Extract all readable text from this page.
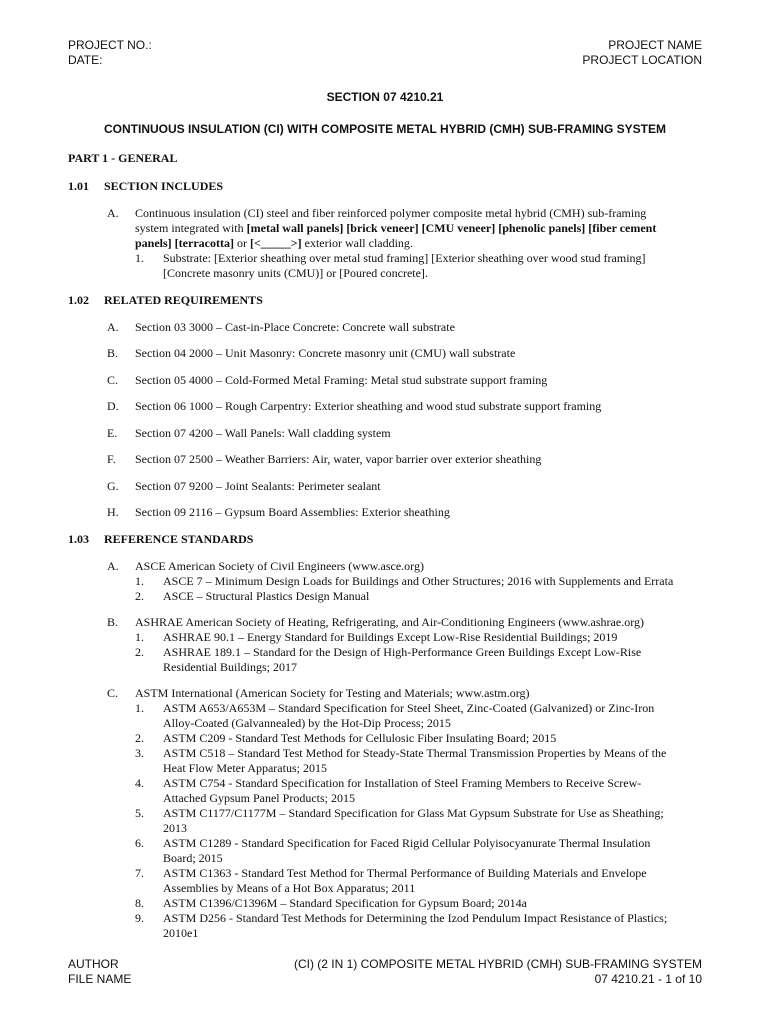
PROJECT NO.:
DATE:
PROJECT NAME
PROJECT LOCATION
SECTION 07 4210.21
CONTINUOUS INSULATION (CI) WITH COMPOSITE METAL HYBRID (CMH) SUB-FRAMING SYSTEM
PART 1 - GENERAL
1.01 SECTION INCLUDES
A.	Continuous insulation (CI) steel and fiber reinforced polymer composite metal hybrid (CMH) sub-framing
system integrated with [metal wall panels] [brick veneer] [CMU veneer] [phenolic panels] [fiber cement
panels] [terracotta] or [<_____>] exterior wall cladding.
1.	Substrate: [Exterior sheathing over metal stud framing] [Exterior sheathing over wood stud framing]
[Concrete masonry units (CMU)] or [Poured concrete].
1.02 RELATED REQUIREMENTS
A.	Section 03 3000 – Cast-in-Place Concrete: Concrete wall substrate
B.	Section 04 2000 – Unit Masonry: Concrete masonry unit (CMU) wall substrate
C.	Section 05 4000 – Cold-Formed Metal Framing: Metal stud substrate support framing
D.	Section 06 1000 – Rough Carpentry: Exterior sheathing and wood stud substrate support framing
E.	Section 07 4200 – Wall Panels: Wall cladding system
F.	Section 07 2500 – Weather Barriers: Air, water, vapor barrier over exterior sheathing
G.	Section 07 9200 – Joint Sealants: Perimeter sealant
H.	Section 09 2116 – Gypsum Board Assemblies: Exterior sheathing
1.03 REFERENCE STANDARDS
A.	ASCE American Society of Civil Engineers (www.asce.org)
1.	ASCE 7 – Minimum Design Loads for Buildings and Other Structures; 2016 with Supplements and Errata
2.	ASCE – Structural Plastics Design Manual
B.	ASHRAE American Society of Heating, Refrigerating, and Air-Conditioning Engineers (www.ashrae.org)
1.	ASHRAE 90.1 – Energy Standard for Buildings Except Low-Rise Residential Buildings; 2019
2.	ASHRAE 189.1 – Standard for the Design of High-Performance Green Buildings Except Low-Rise
Residential Buildings; 2017
C.	ASTM International (American Society for Testing and Materials; www.astm.org)
1.	ASTM A653/A653M – Standard Specification for Steel Sheet, Zinc-Coated (Galvanized) or Zinc-Iron
Alloy-Coated (Galvannealed) by the Hot-Dip Process; 2015
2.	ASTM C209 - Standard Test Methods for Cellulosic Fiber Insulating Board; 2015
3.	ASTM C518 – Standard Test Method for Steady-State Thermal Transmission Properties by Means of the
Heat Flow Meter Apparatus; 2015
4.	ASTM C754 - Standard Specification for Installation of Steel Framing Members to Receive Screw-
Attached Gypsum Panel Products; 2015
5.	ASTM C1177/C1177M – Standard Specification for Glass Mat Gypsum Substrate for Use as Sheathing;
2013
6.	ASTM C1289 - Standard Specification for Faced Rigid Cellular Polyisocyanurate Thermal Insulation
Board; 2015
7.	ASTM C1363 - Standard Test Method for Thermal Performance of Building Materials and Envelope
Assemblies by Means of a Hot Box Apparatus; 2011
8.	ASTM C1396/C1396M – Standard Specification for Gypsum Board; 2014a
9.	ASTM D256 - Standard Test Methods for Determining the Izod Pendulum Impact Resistance of Plastics;
2010e1
AUTHOR
FILE NAME
(CI) (2 IN 1) COMPOSITE METAL HYBRID (CMH) SUB-FRAMING SYSTEM
07 4210.21 - 1 of 10
